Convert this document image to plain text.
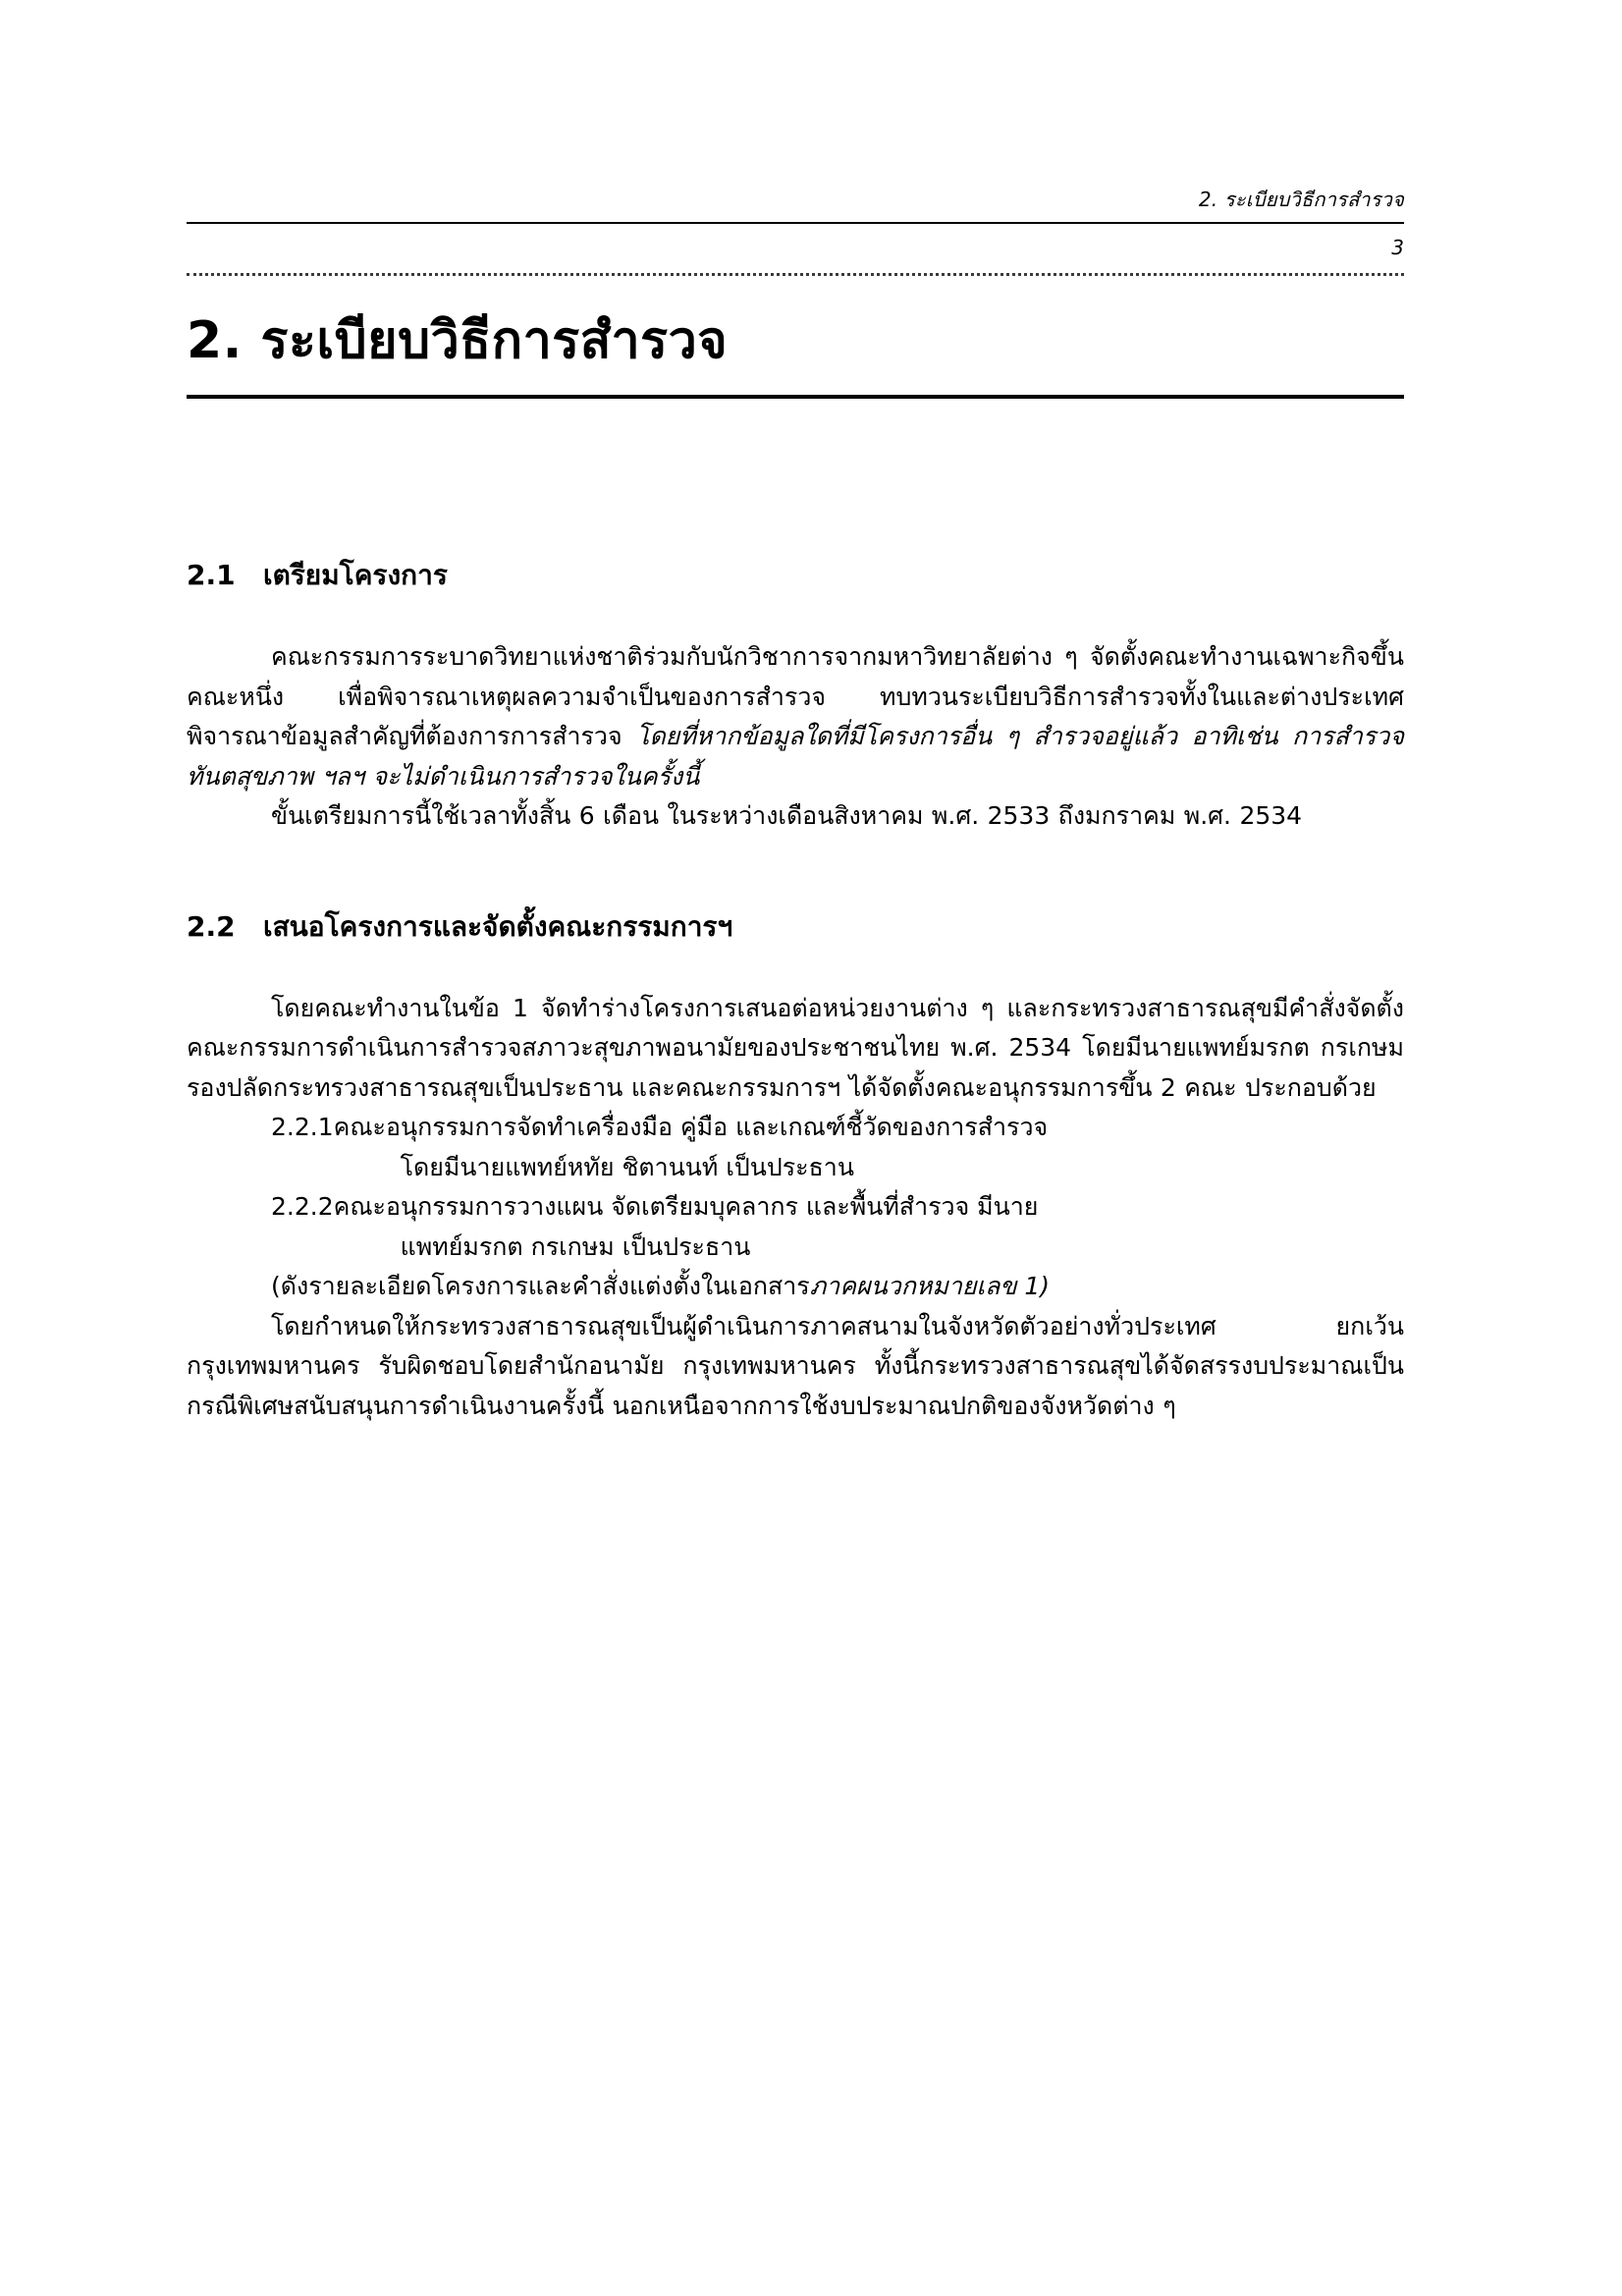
2. ระเบียบวิธีการสำรวจ
3
2. ระเบียบวิธีการสำรวจ
2.1	เตรียมโครงการ

คณะกรรมการระบาดวิทยาแห่งชาติร่วมกับนักวิชาการจากมหาวิทยาลัยต่าง ๆ จัดตั้งคณะทำงานเฉพาะกิจขึ้นคณะหนึ่ง เพื่อพิจารณาเหตุผลความจำเป็นของการสำรวจ ทบทวนระเบียบวิธีการสำรวจทั้งในและต่างประเทศ พิจารณาข้อมูลสำคัญที่ต้องการการสำรวจ โดยที่หากข้อมูลใดที่มีโครงการอื่น ๆ สำรวจอยู่แล้ว อาทิเช่น การสำรวจทันตสุขภาพ ฯลฯ จะไม่ดำเนินการสำรวจในครั้งนี้

ขั้นเตรียมการนี้ใช้เวลาทั้งสิ้น 6 เดือน ในระหว่างเดือนสิงหาคม พ.ศ. 2533 ถึงมกราคม พ.ศ. 2534

2.2	เสนอโครงการและจัดตั้งคณะกรรมการฯ

โดยคณะทำงานในข้อ 1 จัดทำร่างโครงการเสนอต่อหน่วยงานต่าง ๆ และกระทรวงสาธารณสุขมีคำสั่งจัดตั้งคณะกรรมการดำเนินการสำรวจสภาวะสุขภาพอนามัยของประชาชนไทย พ.ศ. 2534 โดยมีนายแพทย์มรกต กรเกษม รองปลัดกระทรวงสาธารณสุขเป็นประธาน และคณะกรรมการฯ ได้จัดตั้งคณะอนุกรรมการขึ้น 2 คณะ ประกอบด้วย

2.2.1 คณะอนุกรรมการจัดทำเครื่องมือ คู่มือ และเกณฑ์ชี้วัดของการสำรวจ
โดยมีนายแพทย์หทัย ชิตานนท์ เป็นประธาน
2.2.2 คณะอนุกรรมการวางแผน จัดเตรียมบุคลากร และพื้นที่สำรวจ มีนาย
แพทย์มรกต กรเกษม เป็นประธาน
(ดังรายละเอียดโครงการและคำสั่งแต่งตั้งในเอกสารภาคผนวกหมายเลข 1)

โดยกำหนดให้กระทรวงสาธารณสุขเป็นผู้ดำเนินการภาคสนามในจังหวัดตัวอย่างทั่วประเทศ ยกเว้นกรุงเทพมหานคร รับผิดชอบโดยสำนักอนามัย กรุงเทพมหานคร ทั้งนี้กระทรวงสาธารณสุขได้จัดสรรงบประมาณเป็นกรณีพิเศษสนับสนุนการดำเนินงานครั้งนี้ นอกเหนือจากการใช้งบประมาณปกติของจังหวัดต่าง ๆ
